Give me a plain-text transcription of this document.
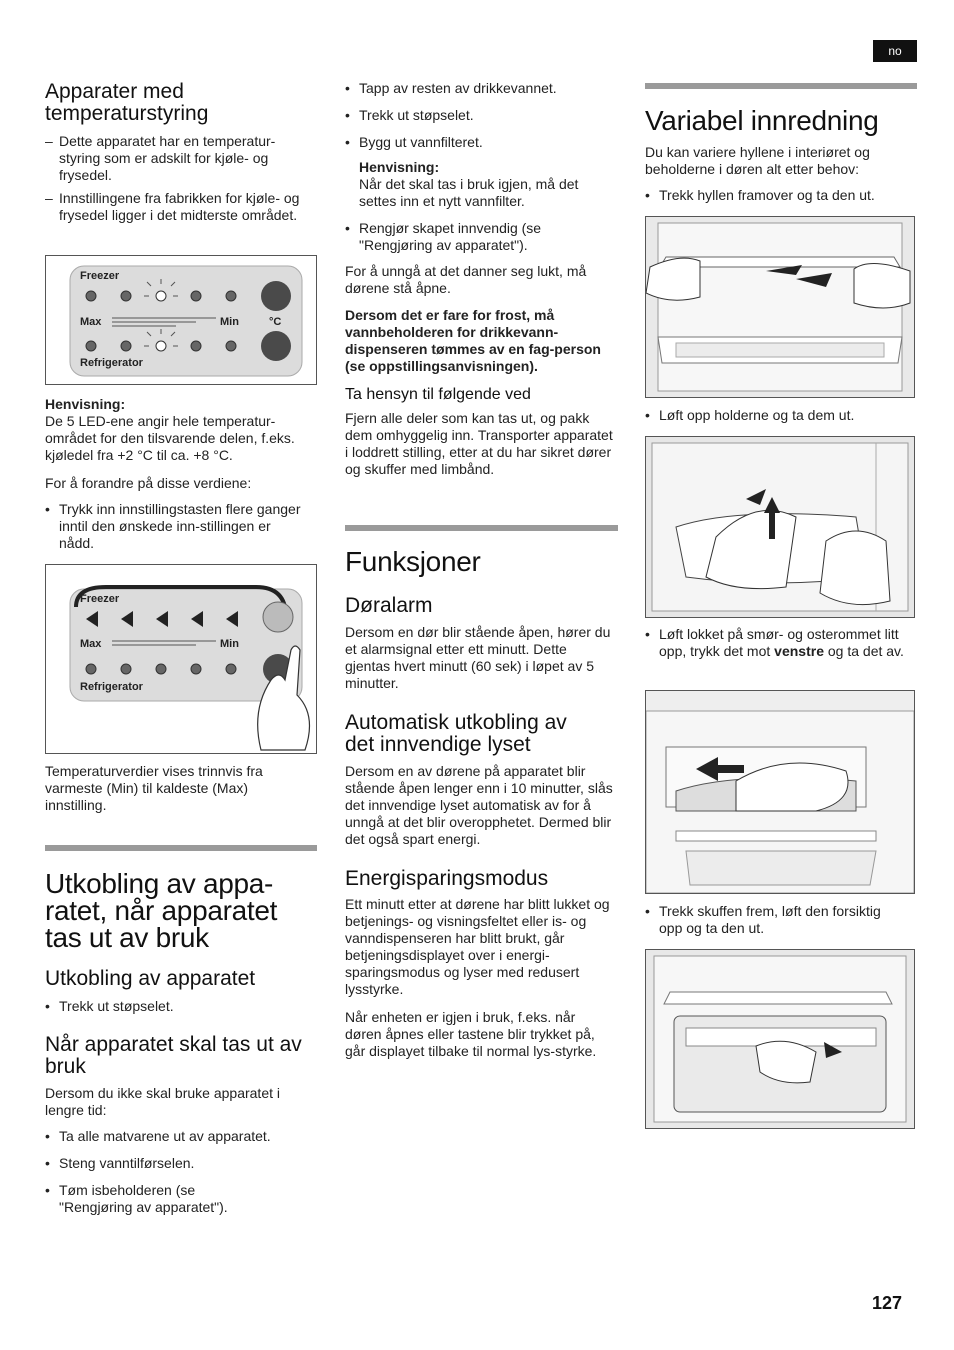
no
Apparater med temperaturstyring
– Dette apparatet har en temperatur-styring som er adskilt for kjøle- og frysedel.
– Innstillingene fra fabrikken for kjøle- og frysedel ligger i det midterste området.
Freezer
Max	Min	°C
Refrigerator

Henvisning:

De 5 LED-ene angir hele temperatur-området for den tilsvarende delen, f.eks. kjøledel fra +2 °C til ca. +8 °C.

For å forandre på disse verdiene:

• Trykk inn innstillingstasten flere ganger inntil den ønskede inn-stillingen er nådd.
Freezer
Max	Min
Refrigerator

Temperaturverdier vises trinnvis fra varmeste (Min) til kaldeste (Max) innstilling.

Utkobling av appa-ratet, når apparatet tas ut av bruk
Utkobling av apparatet
• Trekk ut støpselet.
Når apparatet skal tas ut av bruk

Dersom du ikke skal bruke apparatet i lengre tid:

• Ta alle matvarene ut av apparatet.
• Steng vanntilførselen.
• Tøm isbeholderen (se "Rengjøring av apparatet").
• Tapp av resten av drikkevannet.
• Trekk ut støpselet.
• Bygg ut vannfilteret.

Henvisning:

Når det skal tas i bruk igjen, må det settes inn et nytt vannfilter.

• Rengjør skapet innvendig (se "Rengjøring av apparatet").

For å unngå at det danner seg lukt, må dørene stå åpne.

Dersom det er fare for frost, må vannbeholderen for drikkevann-dispenseren tømmes av en fag-person (se oppstillingsanvisningen).

Ta hensyn til følgende ved

Fjern alle deler som kan tas ut, og pakk dem omhyggelig inn. Transporter apparatet i loddrett stilling, etter at du har sikret dører og skuffer med limbånd.

Funksjoner
Døralarm

Dersom en dør blir stående åpen, hører du et alarmsignal etter ett minutt. Dette gjentas hvert minutt (60 sek) i løpet av 5 minutter.

Automatisk utkobling av det innvendige lyset

Dersom en av dørene på apparatet blir stående åpen lenger enn i 10 minutter, slås det innvendige lyset automatisk av for å unngå at det blir overopphetet. Dermed blir det også spart energi.

Energisparingsmodus

Ett minutt etter at dørene har blitt lukket og betjenings- og visningsfeltet eller is- og vanndispenseren har blitt brukt, går betjeningsdisplayet over i energi-sparingsmodus og lyser med redusert lysstyrke.

Når enheten er igjen i bruk, f.eks. når døren åpnes eller tastene blir trykket på, går displayet tilbake til normal lys-styrke.

Variabel innredning

Du kan variere hyllene i interiøret og beholderne i døren alt etter behov:

• Trekk hyllen framover og ta den ut.
• Løft opp holderne og ta dem ut.
• Løft lokket på smør- og osterommet litt opp, trykk det mot venstre og ta det av.
• Trekk skuffen frem, løft den forsiktig opp og ta den ut.
127
